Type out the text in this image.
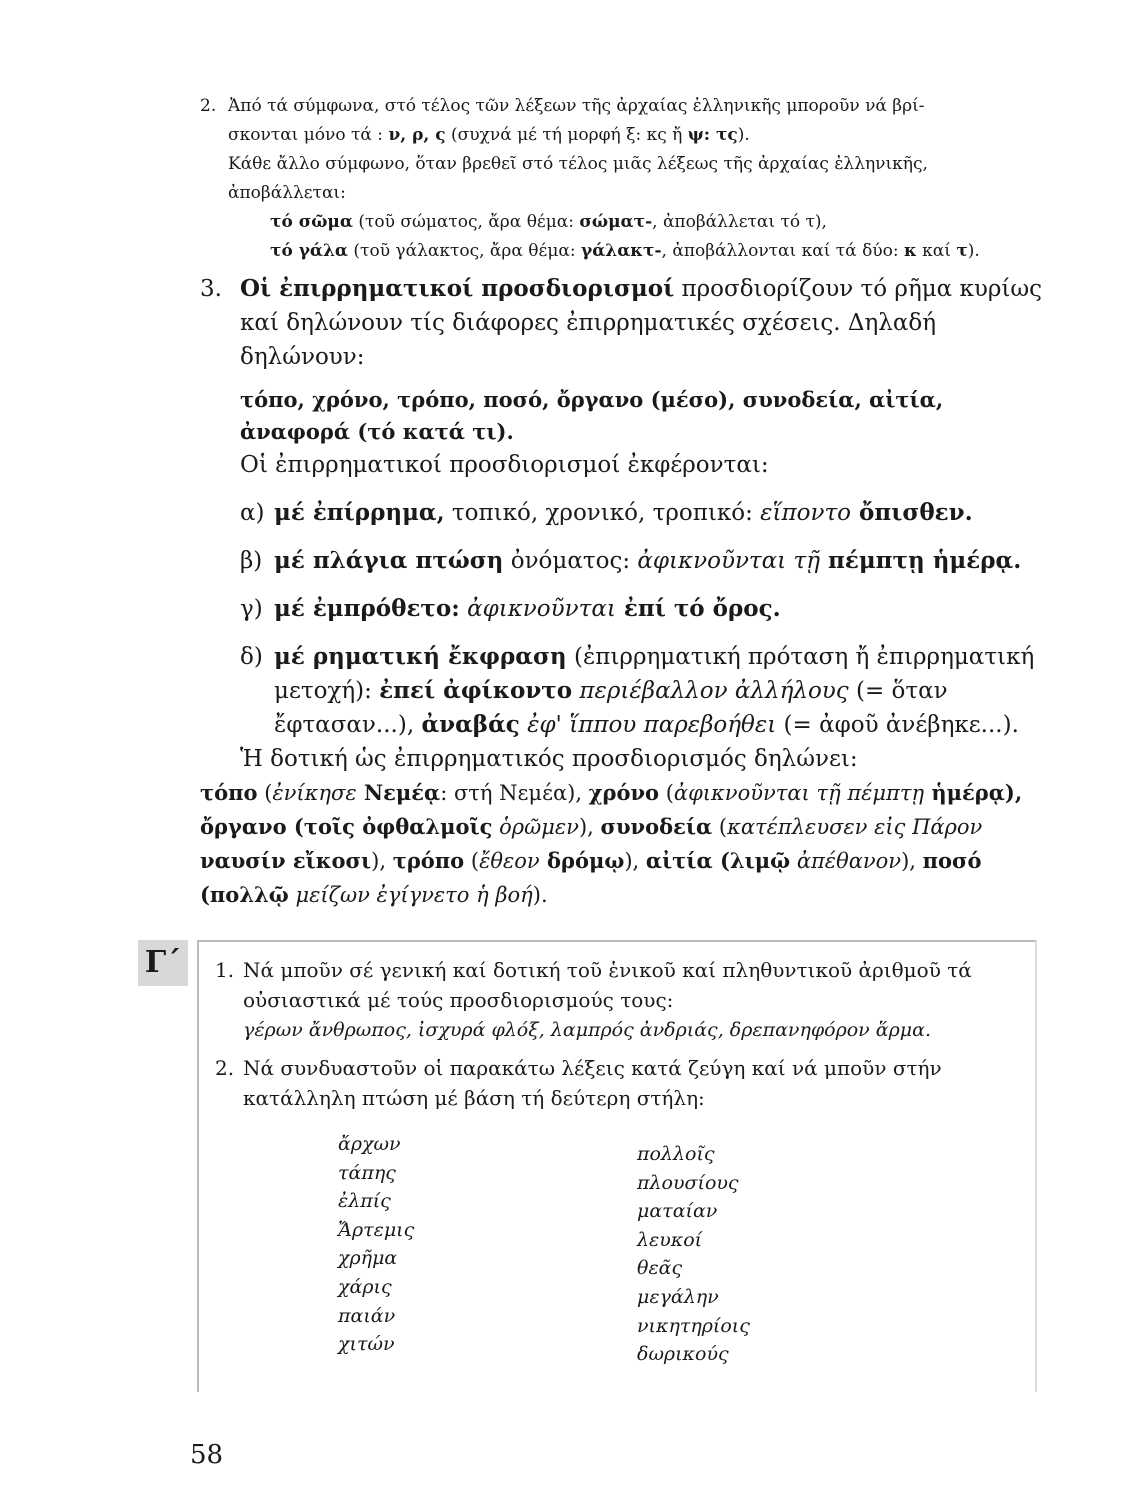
2. Ἀπό τά σύμφωνα, στό τέλος τῶν λέξεων τῆς ἀρχαίας ἑλληνικῆς μποροῦν νά βρί-
σκονται μόνο τά : ν, ρ, ς (συχνά μέ τή μορφή ξ: κς ἤ ψ: τς).
Κάθε ἄλλο σύμφωνο, ὅταν βρεθεῖ στό τέλος μιᾶς λέξεως τῆς ἀρχαίας ἑλληνικῆς,
ἀποβάλλεται:
τό σῶμα (τοῦ σώματος, ἄρα θέμα: σώματ-, ἀποβάλλεται τό τ),
τό γάλα (τοῦ γάλακτος, ἄρα θέμα: γάλακτ-, ἀποβάλλονται καί τά δύο: κ καί τ).
3. Οἱ ἐπιρρηματικοί προσδιορισμοί προσδιορίζουν τό ρῆμα κυρίως καί δηλώνουν τίς διάφορες ἐπιρρηματικές σχέσεις. Δηλαδή δηλώνουν:
τόπο, χρόνο, τρόπο, ποσό, ὄργανο (μέσο), συνοδεία, αἰτία, ἀναφορά (τό κατά τι).
Οἱ ἐπιρρηματικοί προσδιορισμοί ἐκφέρονται:
α) μέ ἐπίρρημα, τοπικό, χρονικό, τροπικό: εἵποντο ὄπισθεν.
β) μέ πλάγια πτώση ὀνόματος: ἀφικνοῦνται τῇ πέμπτῃ ἡμέρᾳ.
γ) μέ ἐμπρόθετο: ἀφικνοῦνται ἐπί τό ὄρος.
δ) μέ ρηματική ἔκφραση (ἐπιρρηματική πρόταση ἤ ἐπιρρηματική μετοχή): ἐπεί ἀφίκοντο περιέβαλλον ἀλλήλους (= ὅταν ἔφτασαν...), ἀναβάς ἐφ' ἵππου παρεβοήθει (= ἀφοῦ ἀνέβηκε...).
Ἡ δοτική ὡς ἐπιρρηματικός προσδιορισμός δηλώνει:
τόπο (ἐνίκησε Νεμέᾳ: στή Νεμέα), χρόνο (ἀφικνοῦνται τῇ πέμπτῃ ἡμέρᾳ), ὄργανο (τοῖς ὀφθαλμοῖς ὁρῶμεν), συνοδεία (κατέπλευσεν εἰς Πάρον ναυσίν εἴκοσι), τρόπο (ἔθεον δρόμῳ), αἰτία (λιμῷ ἀπέθανον), ποσό (πολλῷ μείζων ἐγίγνετο ἡ βοή).
Γ΄	1. Νά μποῦν σέ γενική καί δοτική τοῦ ἑνικοῦ καί πληθυντικοῦ ἀριθμοῦ τά οὐσιαστικά μέ τούς προσδιορισμούς τους:
γέρων ἄνθρωπος, ἰσχυρά φλόξ, λαμπρός ἀνδριάς, δρεπανηφόρον ἅρμα.
2. Νά συνδυαστοῦν οἱ παρακάτω λέξεις κατά ζεύγη καί νά μποῦν στήν κατάλληλη πτώση μέ βάση τή δεύτερη στήλη:
ἄρχων
τάπης
ἐλπίς
Ἄρτεμις
χρῆμα
χάρις
παιάν
χιτών
πολλοῖς
πλουσίους
ματαίαν
λευκοί
θεᾶς
μεγάλην
νικητηρίοις
δωρικούς
58
